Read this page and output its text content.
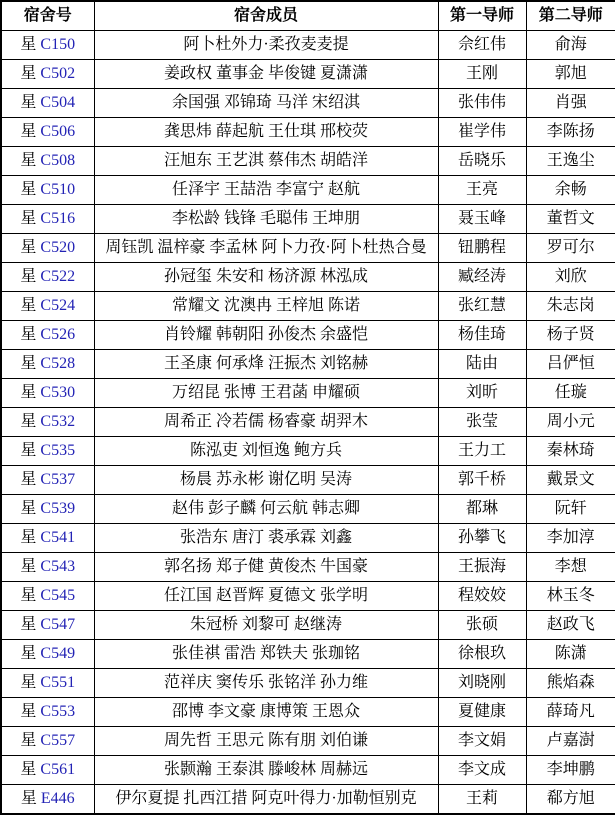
宿舍号	宿舍成员	第一导师	第二导师
星 C150	阿卜杜外力·柔孜麦麦提	佘红伟	俞海
星 C502	姜政权 董事金 毕俊键 夏潇潇	王刚	郭旭
星 C504	余国强 邓锦琦 马洋 宋绍淇	张伟伟	肖强
星 C506	龚思炜 薛起航 王仕琪 邢校荧	崔学伟	李陈扬
星 C508	汪旭东 王艺淇 蔡伟杰 胡皓洋	岳晓乐	王逸尘
星 C510	任泽宇 王喆浩 李富宁 赵航	王亮	余畅
星 C516	李松龄 钱锋 毛聪伟 王坤朋	聂玉峰	董哲文
星 C520	周钰凯 温梓豪 李孟林 阿卜力孜·阿卜杜热合曼	钮鹏程	罗可尔
星 C522	孙冠玺 朱安和 杨济源 林泓成	臧经涛	刘欣
星 C524	常耀文 沈澳冉 王梓旭 陈诺	张红慧	朱志岗
星 C526	肖铃耀 韩朝阳 孙俊杰 余盛恺	杨佳琦	杨子贤
星 C528	王圣康 何承烽 汪振杰 刘铭赫	陆由	吕俨恒
星 C530	万绍昆 张博 王君菡 申耀硕	刘昕	任璇
星 C532	周希正 冷若儒 杨睿豪 胡羿木	张莹	周小元
星 C535	陈泓吏 刘恒逸 鲍方兵	王力工	秦林琦
星 C537	杨晨 苏永彬 谢亿明 吴涛	郭千桥	戴景文
星 C539	赵伟 彭子麟 何云航 韩志卿	都琳	阮轩
星 C541	张浩东 唐汀 裘承霖 刘鑫	孙攀飞	李加淳
星 C543	郭名扬 郑子健 黄俊杰 牛国豪	王振海	李想
星 C545	任江国 赵晋辉 夏德文 张学明	程姣姣	林玉冬
星 C547	朱冠桥 刘黎可 赵继涛	张硕	赵政飞
星 C549	张佳祺 雷浩 郑铁夫 张珈铭	徐根玖	陈潇
星 C551	范祥庆 窦传乐 张铭洋 孙力维	刘晓刚	熊焰森
星 C553	邵博 李文豪 康博策 王恩众	夏健康	薛琦凡
星 C557	周先哲 王思元 陈有朋 刘伯谦	李文娟	卢嘉澍
星 C561	张颢瀚 王泰淇 滕峻林 周赫远	李文成	李坤鹏
星 E446	伊尔夏提 扎西江措 阿克叶得力·加勒恒别克	王莉	郗方旭
